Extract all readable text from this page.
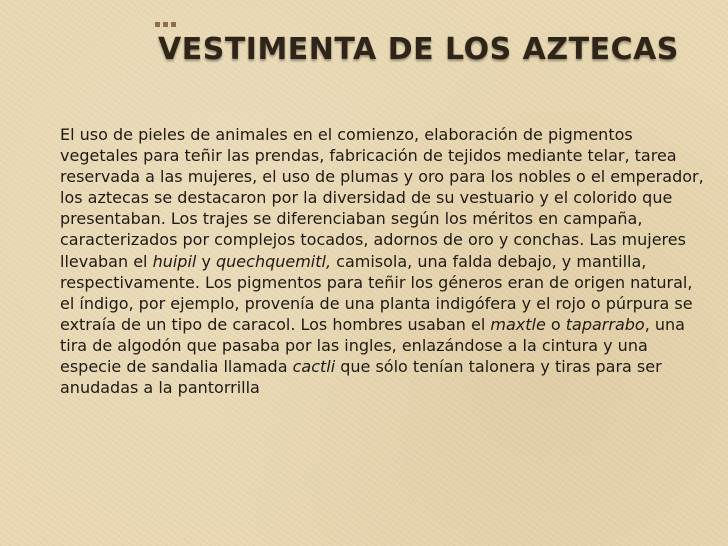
VESTIMENTA DE LOS AZTECAS

El uso de pieles de animales en el comienzo, elaboración de pigmentos vegetales para teñir las prendas, fabricación de tejidos mediante telar, tarea reservada a las mujeres, el uso de plumas y oro para los nobles o el emperador, los aztecas se destacaron por la diversidad de su vestuario y el colorido que presentaban. Los trajes se diferenciaban según los méritos en campaña, caracterizados por complejos tocados, adornos de oro y conchas. Las mujeres llevaban el huipil y quechquemitl, camisola, una falda debajo, y mantilla, respectivamente. Los pigmentos para teñir los géneros eran de origen natural, el índigo, por ejemplo, provenía de una planta indigófera y el rojo o púrpura se extraía de un tipo de caracol. Los hombres usaban el maxtle o taparrabo, una tira de algodón que pasaba por las ingles, enlazándose a la cintura y una especie de sandalia llamada cactli que sólo tenían talonera y tiras para ser anudadas a la pantorrilla
